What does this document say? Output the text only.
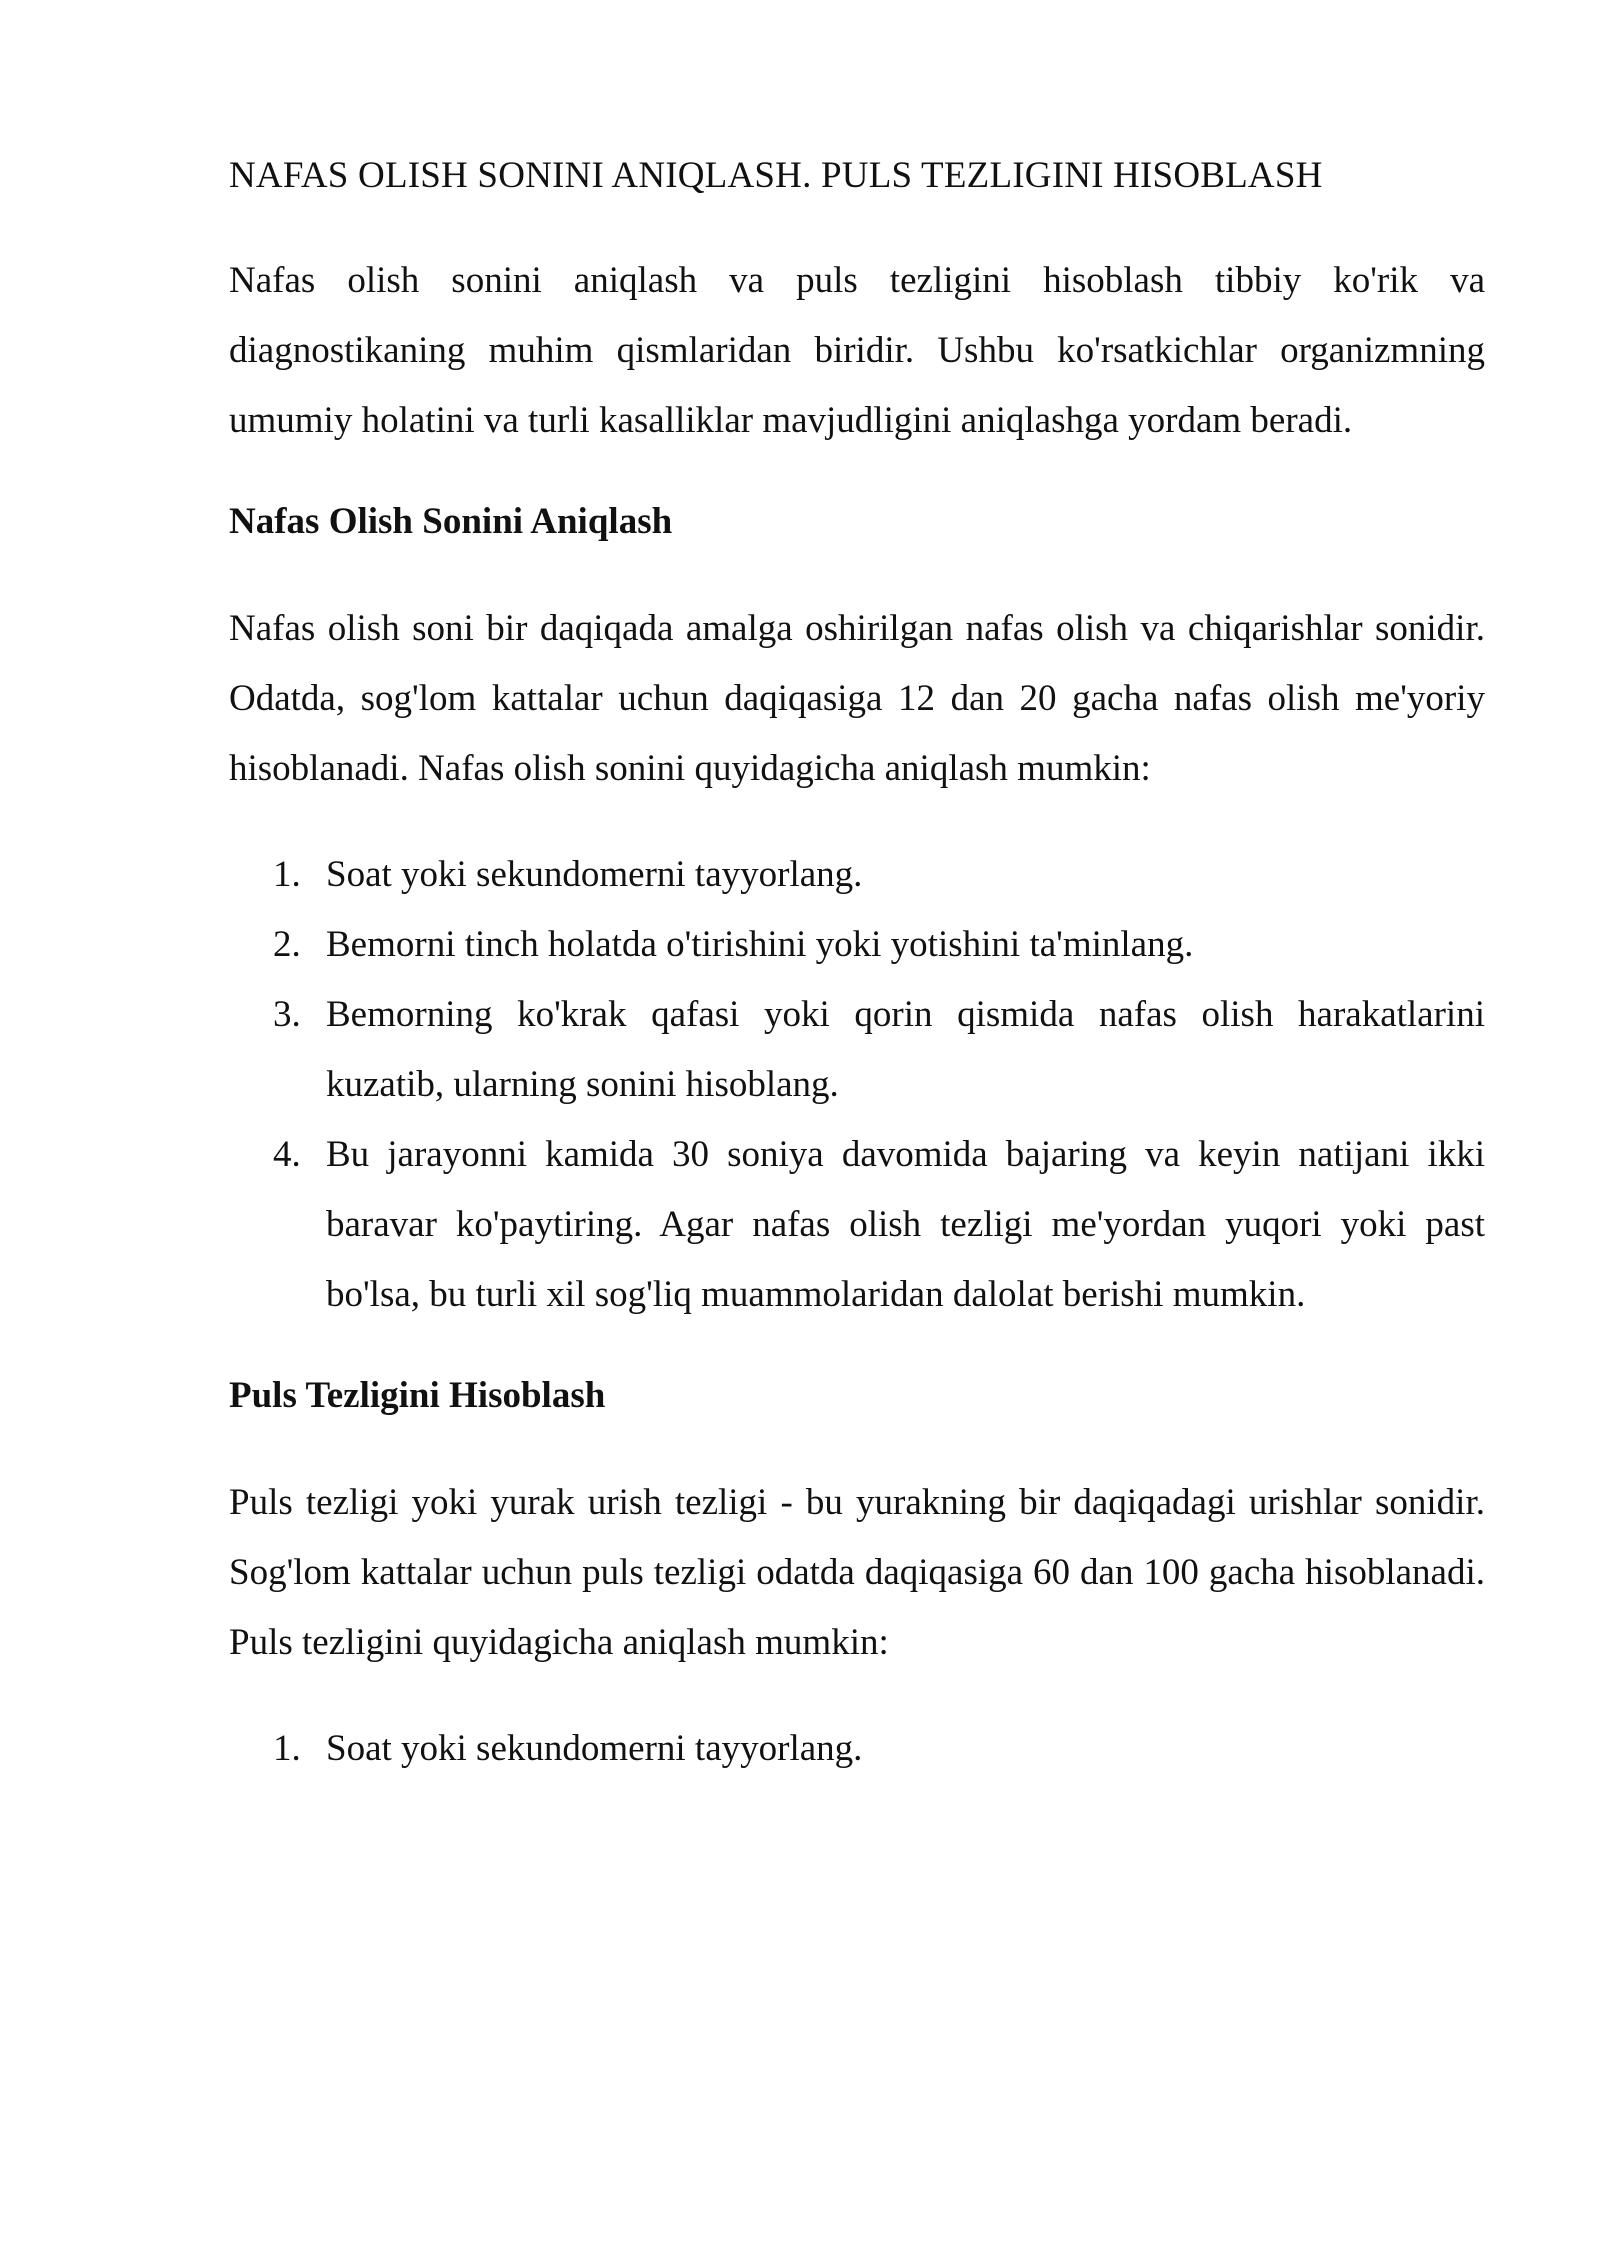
NAFAS OLISH SONINI ANIQLASH. PULS TEZLIGINI HISOBLASH

Nafas olish sonini aniqlash va puls tezligini hisoblash tibbiy ko'rik va diagnostikaning muhim qismlaridan biridir. Ushbu ko'rsatkichlar organizmning umumiy holatini va turli kasalliklar mavjudligini aniqlashga yordam beradi.

Nafas Olish Sonini Aniqlash

Nafas olish soni bir daqiqada amalga oshirilgan nafas olish va chiqarishlar sonidir. Odatda, sog'lom kattalar uchun daqiqasiga 12 dan 20 gacha nafas olish me'yoriy hisoblanadi. Nafas olish sonini quyidagicha aniqlash mumkin:

1. Soat yoki sekundomerni tayyorlang.
2. Bemorni tinch holatda o'tirishini yoki yotishini ta'minlang.
3. Bemorning ko'krak qafasi yoki qorin qismida nafas olish harakatlarini kuzatib, ularning sonini hisoblang.
4. Bu jarayonni kamida 30 soniya davomida bajaring va keyin natijani ikki baravar ko'paytiring. Agar nafas olish tezligi me'yordan yuqori yoki past bo'lsa, bu turli xil sog'liq muammolaridan dalolat berishi mumkin.
Puls Tezligini Hisoblash

Puls tezligi yoki yurak urish tezligi - bu yurakning bir daqiqadagi urishlar sonidir. Sog'lom kattalar uchun puls tezligi odatda daqiqasiga 60 dan 100 gacha hisoblanadi. Puls tezligini quyidagicha aniqlash mumkin:

1. Soat yoki sekundomerni tayyorlang.
